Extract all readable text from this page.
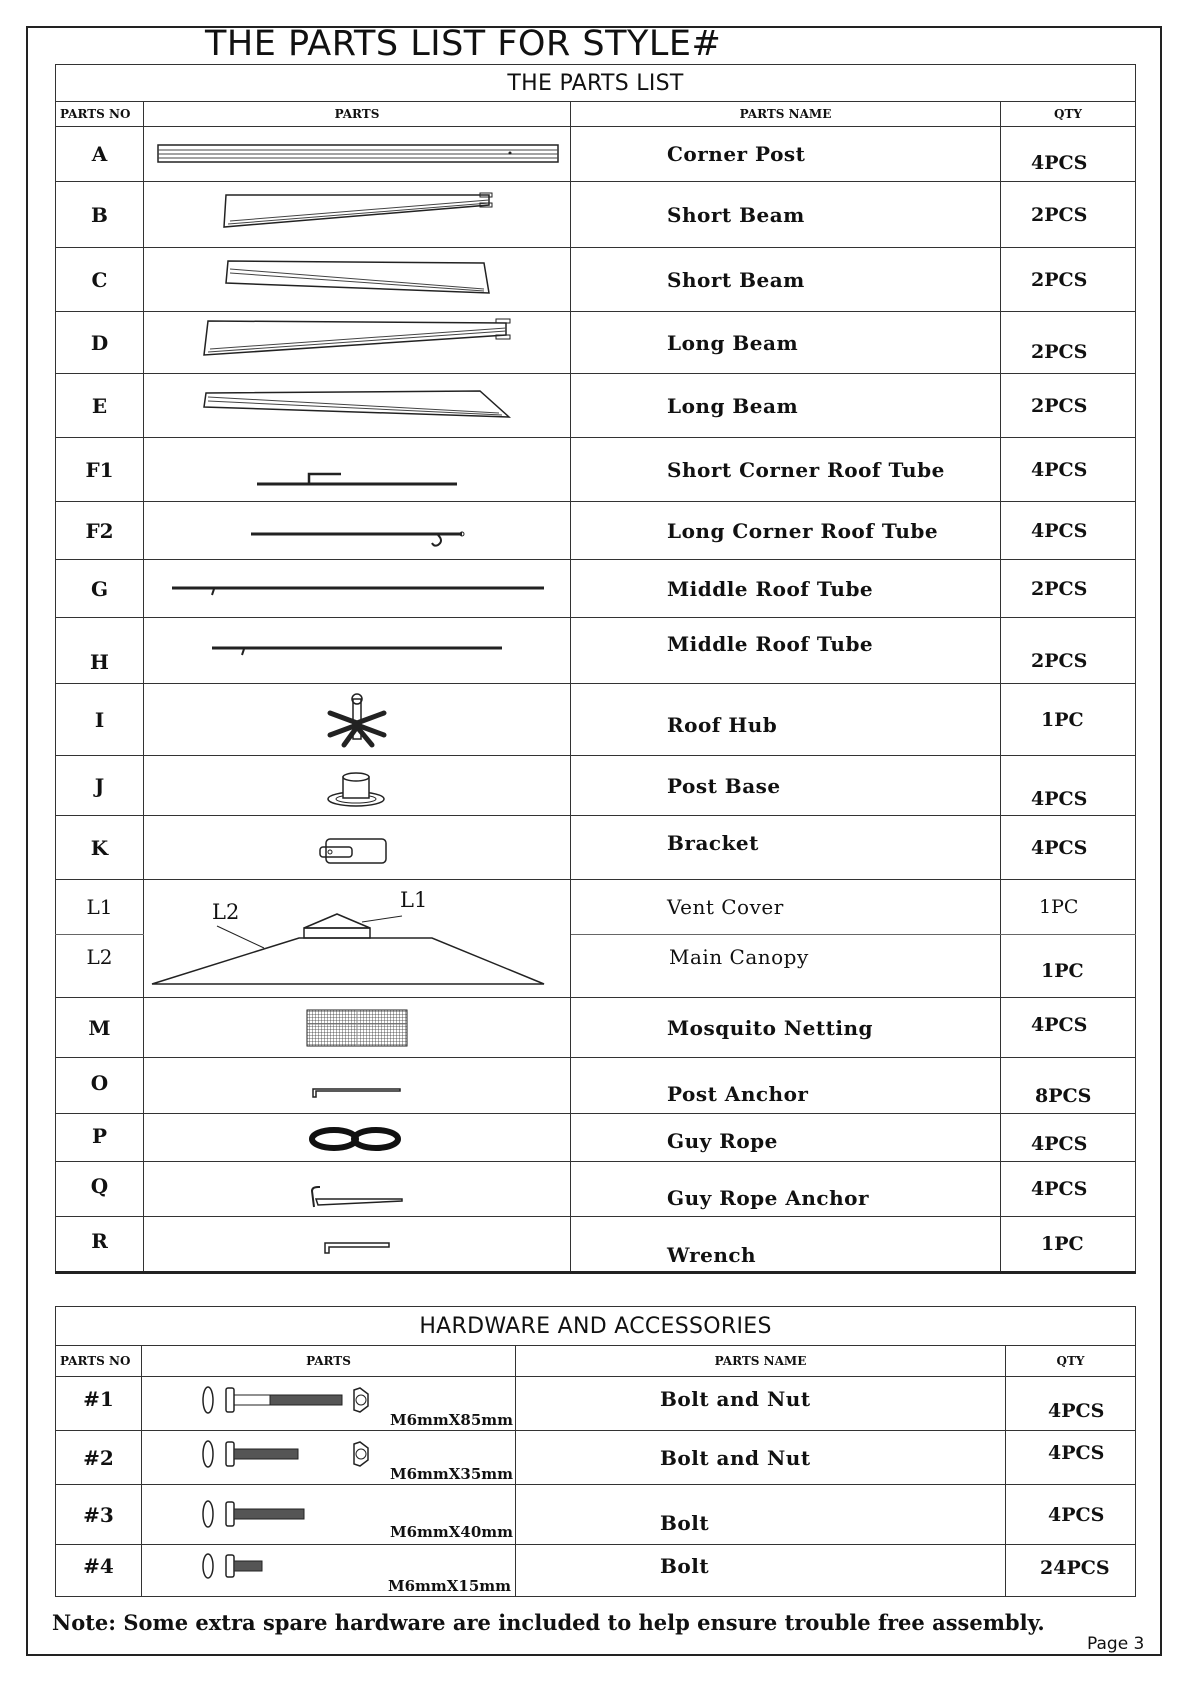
THE PARTS LIST FOR STYLE#
THE PARTS LIST			
PARTS NO	PARTS	PARTS NAME	QTY
A		Corner Post	4PCS
B		Short Beam	2PCS
C		Short Beam	2PCS
D		Long Beam	2PCS
E		Long Beam	2PCS
F1		Short Corner Roof Tube	4PCS
F2		Long Corner Roof Tube	4PCS
G		Middle Roof Tube	2PCS
H		Middle Roof Tube	2PCS
I		Roof Hub	1PC
J		Post Base	4PCS
K		Bracket	4PCS
L1	L2 L1	Vent Cover	1PC
L2		Main Canopy	1PC
M		Mosquito Netting	4PCS
O		Post Anchor	8PCS
P		Guy Rope	4PCS
Q		Guy Rope Anchor	4PCS
R		Wrench	1PC
HARDWARE AND ACCESSORIES			
PARTS NO	PARTS	PARTS NAME	QTY
#1	M6mmX85mm	Bolt and Nut	4PCS
#2	M6mmX35mm	Bolt and Nut	4PCS
#3	M6mmX40mm	Bolt	4PCS
#4	M6mmX15mm	Bolt	24PCS
Note: Some extra spare hardware are included to help ensure trouble free assembly.
Page 3
